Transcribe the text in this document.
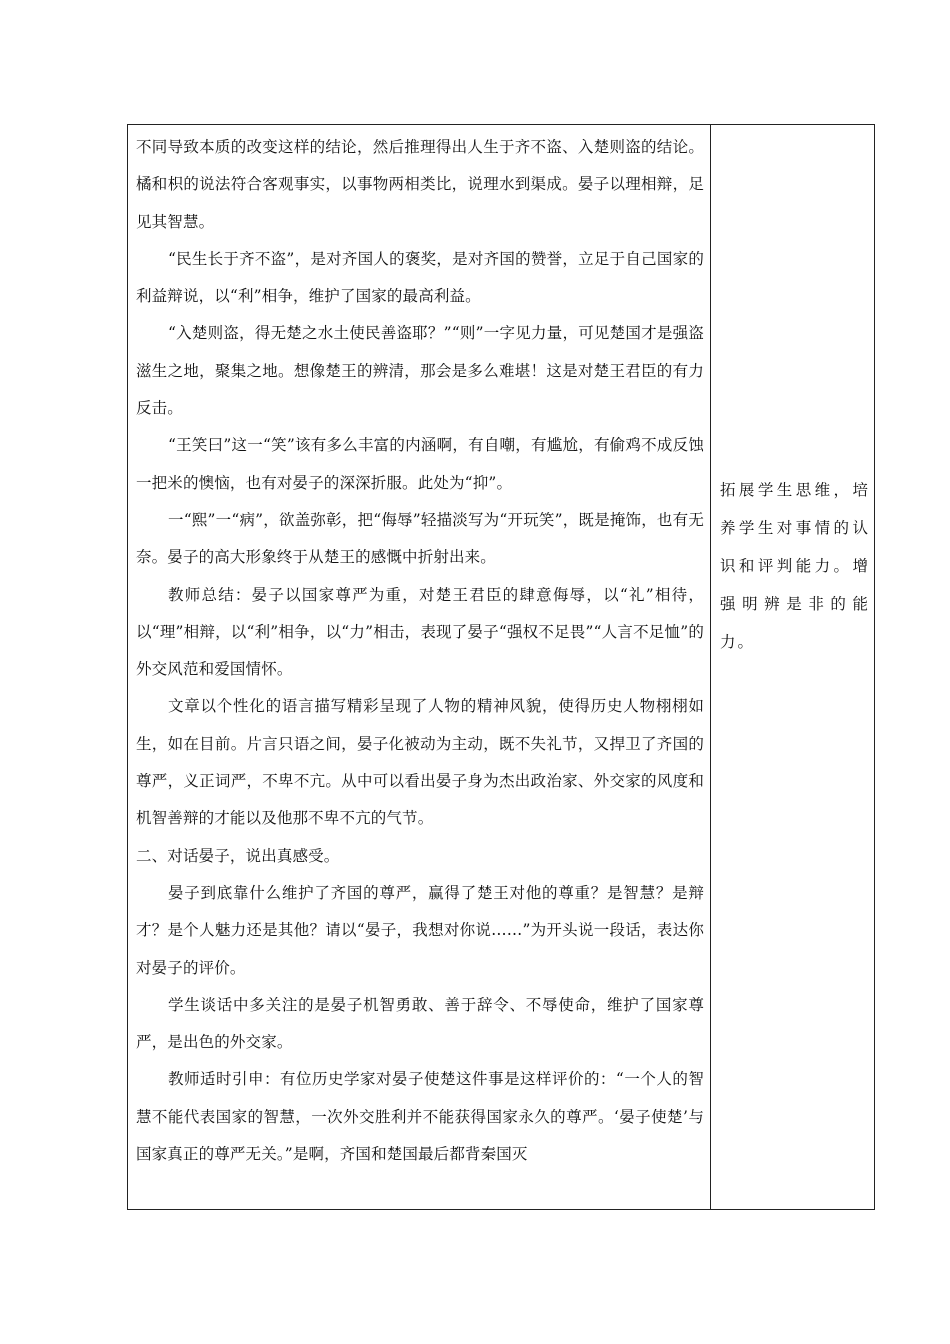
不同导致本质的改变这样的结论，然后推理得出人生于齐不盗、入楚则盗的结论。橘和枳的说法符合客观事实，以事物两相类比，说理水到渠成。晏子以理相辩，足见其智慧。

“民生长于齐不盗”，是对齐国人的褒奖，是对齐国的赞誉，立足于自己国家的利益辩说，以“利”相争，维护了国家的最高利益。

“入楚则盗，得无楚之水土使民善盗耶？”“则”一字见力量，可见楚国才是强盗滋生之地，聚集之地。想像楚王的辨清，那会是多么难堪！这是对楚王君臣的有力反击。

“王笑曰”这一“笑”该有多么丰富的内涵啊，有自嘲，有尴尬，有偷鸡不成反蚀一把米的懊恼，也有对晏子的深深折服。此处为“抑”。

一“熙”一“病”，欲盖弥彰，把“侮辱”轻描淡写为“开玩笑”，既是掩饰，也有无奈。晏子的高大形象终于从楚王的感慨中折射出来。

教师总结：晏子以国家尊严为重，对楚王君臣的肆意侮辱，以“礼”相待，以“理”相辩，以“利”相争，以“力”相击，表现了晏子“强权不足畏”“人言不足恤”的外交风范和爱国情怀。

文章以个性化的语言描写精彩呈现了人物的精神风貌，使得历史人物栩栩如生，如在目前。片言只语之间，晏子化被动为主动，既不失礼节，又捍卫了齐国的尊严，义正词严，不卑不亢。从中可以看出晏子身为杰出政治家、外交家的风度和机智善辩的才能以及他那不卑不亢的气节。

二、对话晏子，说出真感受。

晏子到底靠什么维护了齐国的尊严，赢得了楚王对他的尊重？是智慧？是辩才？是个人魅力还是其他？请以“晏子，我想对你说……”为开头说一段话，表达你对晏子的评价。

学生谈话中多关注的是晏子机智勇敢、善于辞令、不辱使命，维护了国家尊严，是出色的外交家。

教师适时引申：有位历史学家对晏子使楚这件事是这样评价的：“一个人的智慧不能代表国家的智慧，一次外交胜利并不能获得国家永久的尊严。‘晏子使楚’与国家真正的尊严无关。”是啊，齐国和楚国最后都背秦国灭

拓展学生思维，培养学生对事情的认识和评判能力。增强明辨是非的能力。
